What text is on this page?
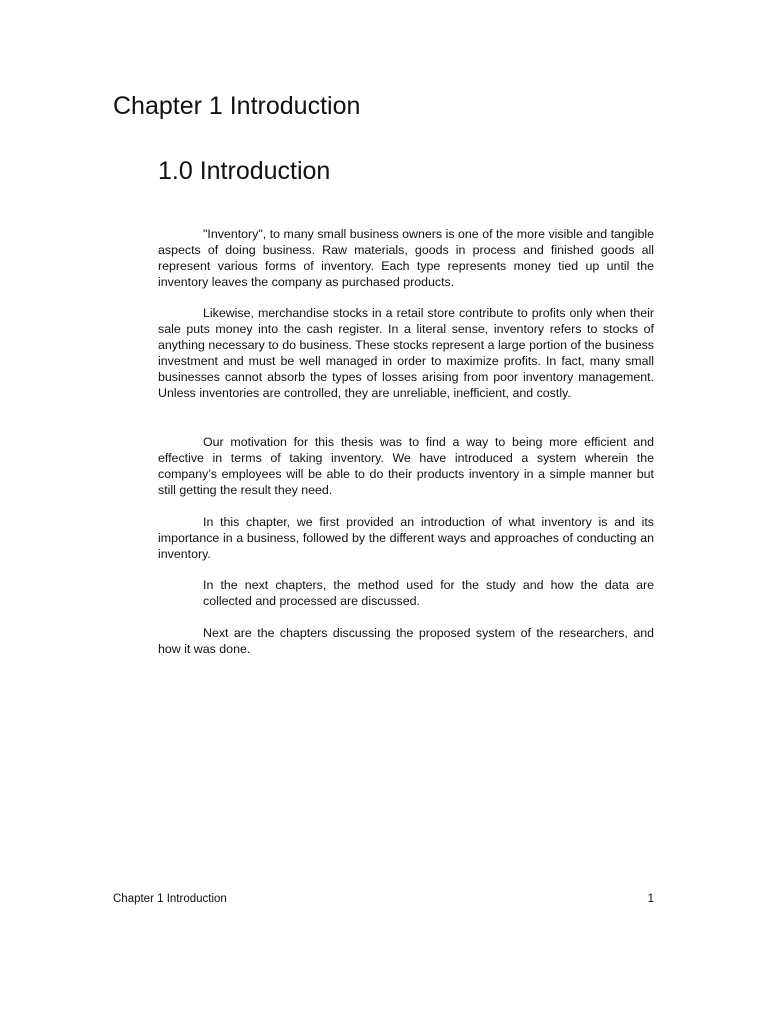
Chapter 1 Introduction
1.0 Introduction

"Inventory", to many small business owners is one of the more visible and tangible aspects of doing business. Raw materials, goods in process and finished goods all represent various forms of inventory. Each type represents money tied up until the inventory leaves the company as purchased products.

Likewise, merchandise stocks in a retail store contribute to profits only when their sale puts money into the cash register. In a literal sense, inventory refers to stocks of anything necessary to do business. These stocks represent a large portion of the business investment and must be well managed in order to maximize profits. In fact, many small businesses cannot absorb the types of losses arising from poor inventory management. Unless inventories are controlled, they are unreliable, inefficient, and costly.

Our motivation for this thesis was to find a way to being more efficient and effective in terms of taking inventory. We have introduced a system wherein the company’s employees will be able to do their products inventory in a simple manner but still getting the result they need.

In this chapter, we first provided an introduction of what inventory is and its importance in a business, followed by the different ways and approaches of conducting an inventory.

In the next chapters, the method used for the study and how the data are collected and processed are discussed.

Next are the chapters discussing the proposed system of the researchers, and how it was done.

Chapter 1 Introduction	1
